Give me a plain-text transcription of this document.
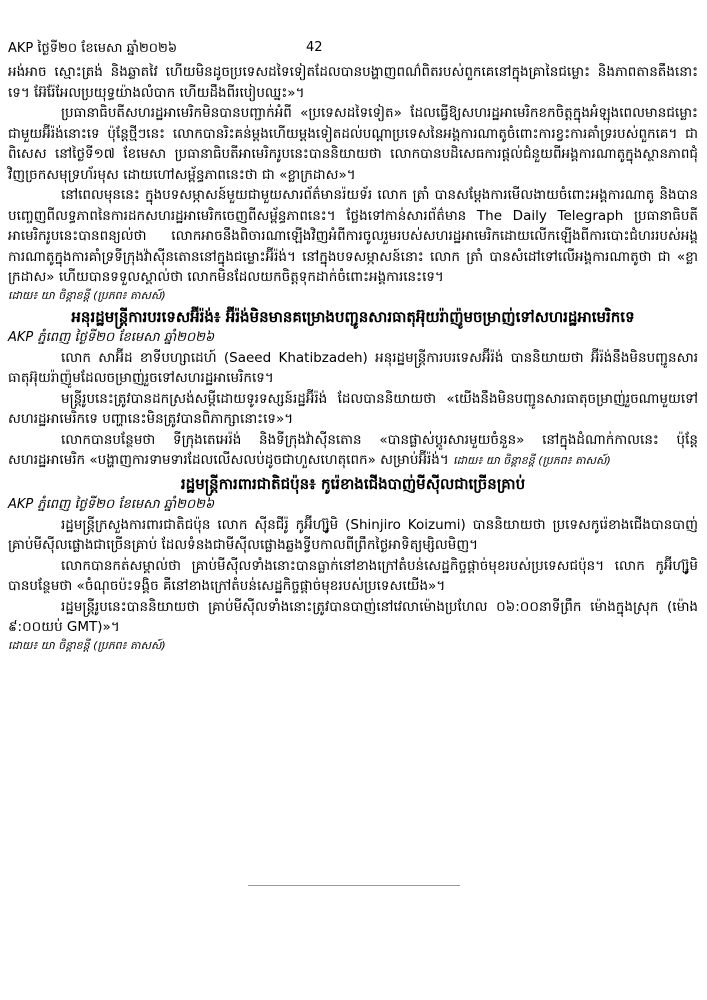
AKP ថ្ងៃទី២០ ខែមេសា ឆ្នាំ២០២៦	42

អង់អាច ស្មោះត្រង់ និងឆ្លាតវៃ ហើយមិនដូចប្រទេសដទៃទៀតដែលបានបង្ហាញពណ៌ពិតរបស់ពួកគេនៅក្នុងគ្រានៃជម្លោះ និងភាពតានតឹងនោះទេ។ អ៊ែរ៉ែអែលប្រយុទ្ធយ៉ាងលំបាក ហើយដឹងពីរបៀបឈ្នះ»។

ប្រធានាធិបតីសហរដ្ឋអាមេរិកមិនបានបញ្ជាក់អំពី «ប្រទេសដទៃទៀត» ដែលធ្វើឱ្យសហរដ្ឋអាមេរិកខកចិត្តក្នុងអំឡុងពេលមានជម្លោះជាមួយអ៊ីរ៉ង់នោះទេ ប៉ុន្តែថ្មីៗនេះ លោកបានរិះគន់ម្តងហើយម្តងទៀតដល់បណ្តាប្រទេសនៃអង្គការណាតូចំពោះការខ្វះការគាំទ្ររបស់ពួកគេ។ ជាពិសេស នៅថ្ងៃទី១៧ ខែមេសា ប្រធានាធិបតីអាមេរិករូបនេះបាននិយាយថា លោកបានបដិសេធការផ្តល់ជំនួយពីអង្គការណាតូក្នុងស្ថានភាពជុំវិញច្រកសមុទ្រហ័រមុស ដោយហៅសម្ព័ន្ធភាពនេះថា ជា «ខ្លាក្រដាស»។

នៅពេលមុននេះ ក្នុងបទសម្ភាសន៍មួយជាមួយសារព័ត៌មានរ៉យទ័រ លោក ត្រាំ បានសម្តែងការមើលងាយចំពោះអង្គការណាតូ និងបានបញ្ចេញពីលទ្ធភាពនៃការដកសហរដ្ឋអាមេរិកចេញពីសម្ព័ន្ធភាពនេះ។ ថ្លែងទៅកាន់សារព័ត៌មាន The Daily Telegraph ប្រធានាធិបតីអាមេរិករូបនេះបានពន្យល់ថា លោកអាចនឹងពិចារណាឡើងវិញអំពីការចូលរួមរបស់សហរដ្ឋអាមេរិកដោយលើកឡើងពីការបោះជំហររបស់អង្គការណាតូក្នុងការគាំទ្រទីក្រុងវ៉ាស៊ីនតោននៅក្នុងជម្លោះអ៊ីរ៉ង់។ នៅក្នុងបទសម្ភាសន៍នោះ លោក ត្រាំ បានសំដៅទៅលើអង្គការណាតូថា ជា «ខ្លាក្រដាស» ហើយបានទទួលស្គាល់ថា លោកមិនដែលយកចិត្តទុកដាក់ចំពោះអង្គការនេះទេ។

ដោយ៖ យា ចិន្តាខន្តី (ប្រភព៖ តាសស៍)

អនុរដ្ឋមន្ត្រីការបរទេសអ៊ីរ៉ង់៖ អ៊ីរ៉ង់មិនមានគម្រោងបញ្ជូនសារធាតុអ៊ុយរ៉ាញ៉ូមចម្រាញ់ទៅសហរដ្ឋអាមេរិកទេ

AKP ភ្នំពេញ ថ្ងៃទី២០ ខែមេសា ឆ្នាំ២០២៦

លោក សាអ៊ីដ ខាទីបហ្សាដេហ៍ (Saeed Khatibzadeh) អនុរដ្ឋមន្ត្រីការបរទេសអ៊ីរ៉ង់ បាននិយាយថា អ៊ីរ៉ង់នឹងមិនបញ្ជូនសារធាតុអ៊ុយរ៉ាញ៉ូមដែលចម្រាញ់រួចទៅសហរដ្ឋអាមេរិកទេ។

មន្ត្រីរូបនេះត្រូវបានដកស្រង់សម្តីដោយទូរទស្សន៍រដ្ឋអ៊ីរ៉ង់ ដែលបាននិយាយថា «យើងនឹងមិនបញ្ជូនសារធាតុចម្រាញ់រួចណាមួយទៅសហរដ្ឋអាមេរិកទេ បញ្ហានេះមិនត្រូវបានពិភាក្សានោះទេ»។

លោកបានបន្ថែមថា ទីក្រុងតេអេរ៉ង់ និងទីក្រុងវ៉ាស៊ីនតោន «បានផ្លាស់ប្តូរសារមួយចំនួន» នៅក្នុងដំណាក់កាលនេះ ប៉ុន្តែសហរដ្ឋអាមេរិក «បង្ហាញការទាមទារដែលលើសលប់ដូចជាហួសហេតុពេក» សម្រាប់អ៊ីរ៉ង់។ ដោយ៖ យា ចិន្តាខន្តី (ប្រភព៖ តាសស៍)

រដ្ឋមន្ត្រីការពារជាតិជប៉ុន៖ កូរ៉េខាងជើងបាញ់មីស៊ីលជាច្រើនគ្រាប់

AKP ភ្នំពេញ ថ្ងៃទី២០ ខែមេសា ឆ្នាំ២០២៦

រដ្ឋមន្ត្រីក្រសួងការពារជាតិជប៉ុន លោក ស៊ីនជីរ៉ូ កូអ៊ីហ្ស៊ូមិ (Shinjiro Koizumi) បាននិយាយថា ប្រទេសកូរ៉េខាងជើងបានបាញ់គ្រាប់មីស៊ីលផ្លោងជាច្រើនគ្រាប់ ដែលទំនងជាមីស៊ីលផ្លោងឆ្លងទ្វីបកាលពីព្រឹកថ្ងៃអាទិត្យម្សិលមិញ។

លោកបានកត់សម្គាល់ថា គ្រាប់មីស៊ីលទាំងនោះបានធ្លាក់នៅខាងក្រៅតំបន់សេដ្ឋកិច្ចផ្តាច់មុខរបស់ប្រទេសជប៉ុន។ លោក កូអ៊ីហ្ស៊ូមិ បានបន្ថែមថា «ចំណុចប៉ះទង្គិច គឺនៅខាងក្រៅតំបន់សេដ្ឋកិច្ចផ្តាច់មុខរបស់ប្រទេសយើង»។

រដ្ឋមន្ត្រីរូបនេះបាននិយាយថា គ្រាប់មីស៊ីលទាំងនោះត្រូវបានបាញ់នៅវេលាម៉ោងប្រហែល ០៦:០០នាទីព្រឹក ម៉ោងក្នុងស្រុក (ម៉ោង ៩:០០យប់ GMT)»។

ដោយ៖ យា ចិន្តាខន្តី (ប្រភព៖ តាសស៍)
